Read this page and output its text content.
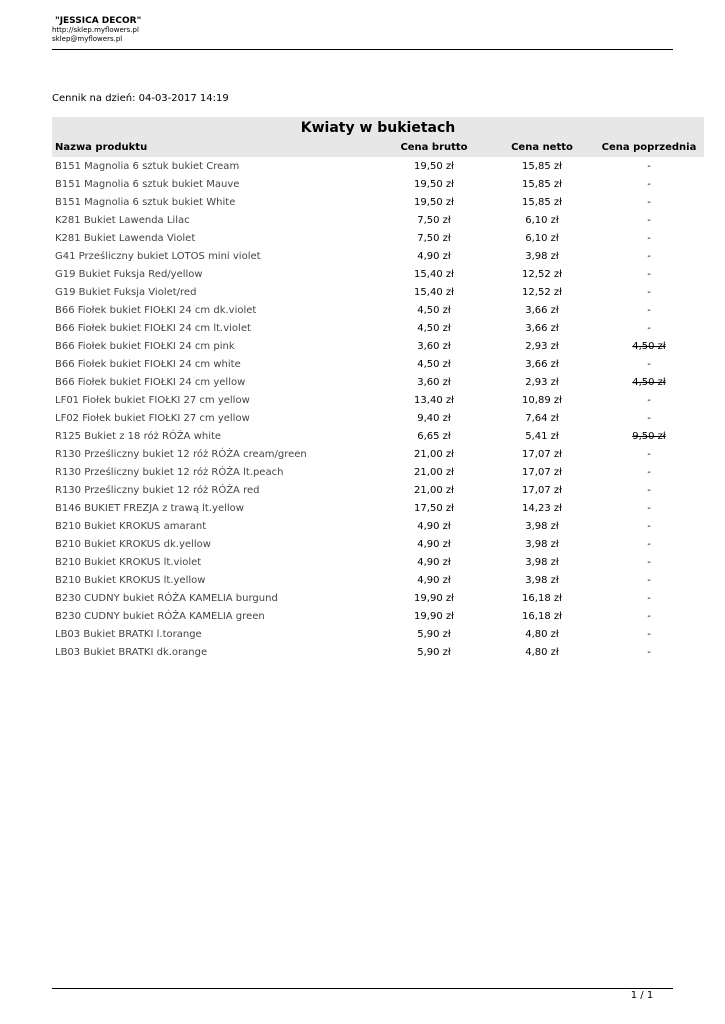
"JESSICA DECOR"
http://sklep.myflowers.pl
sklep@myflowers.pl
Cennik na dzień: 04-03-2017 14:19
Kwiaty w bukietach
Nazwa produktu	Cena brutto	Cena netto	Cena poprzednia
B151 Magnolia 6 sztuk bukiet Cream	19,50 zł	15,85 zł	-
B151 Magnolia 6 sztuk bukiet Mauve	19,50 zł	15,85 zł	-
B151 Magnolia 6 sztuk bukiet White	19,50 zł	15,85 zł	-
K281 Bukiet Lawenda Lilac	7,50 zł	6,10 zł	-
K281 Bukiet Lawenda Violet	7,50 zł	6,10 zł	-
G41 Prześliczny bukiet LOTOS mini violet	4,90 zł	3,98 zł	-
G19 Bukiet Fuksja Red/yellow	15,40 zł	12,52 zł	-
G19 Bukiet Fuksja Violet/red	15,40 zł	12,52 zł	-
B66 Fiołek bukiet FIOŁKI 24 cm dk.violet	4,50 zł	3,66 zł	-
B66 Fiołek bukiet FIOŁKI 24 cm lt.violet	4,50 zł	3,66 zł	-
B66 Fiołek bukiet FIOŁKI 24 cm pink	3,60 zł	2,93 zł	4,50 zł
B66 Fiołek bukiet FIOŁKI 24 cm white	4,50 zł	3,66 zł	-
B66 Fiołek bukiet FIOŁKI 24 cm yellow	3,60 zł	2,93 zł	4,50 zł
LF01 Fiołek bukiet FIOŁKI 27 cm yellow	13,40 zł	10,89 zł	-
LF02 Fiołek bukiet FIOŁKI 27 cm yellow	9,40 zł	7,64 zł	-
R125 Bukiet z 18 róż RÓŻA white	6,65 zł	5,41 zł	9,50 zł
R130 Prześliczny bukiet 12 róż RÓŻA cream/green	21,00 zł	17,07 zł	-
R130 Prześliczny bukiet 12 róż RÓŻA lt.peach	21,00 zł	17,07 zł	-
R130 Prześliczny bukiet 12 róż RÓŻA red	21,00 zł	17,07 zł	-
B146 BUKIET FREZJA z trawą lt.yellow	17,50 zł	14,23 zł	-
B210 Bukiet KROKUS amarant	4,90 zł	3,98 zł	-
B210 Bukiet KROKUS dk.yellow	4,90 zł	3,98 zł	-
B210 Bukiet KROKUS lt.violet	4,90 zł	3,98 zł	-
B210 Bukiet KROKUS lt.yellow	4,90 zł	3,98 zł	-
B230 CUDNY bukiet RÓŻA KAMELIA burgund	19,90 zł	16,18 zł	-
B230 CUDNY bukiet RÓŻA KAMELIA green	19,90 zł	16,18 zł	-
LB03 Bukiet BRATKI l.torange	5,90 zł	4,80 zł	-
LB03 Bukiet BRATKI dk.orange	5,90 zł	4,80 zł	-
1 / 1
